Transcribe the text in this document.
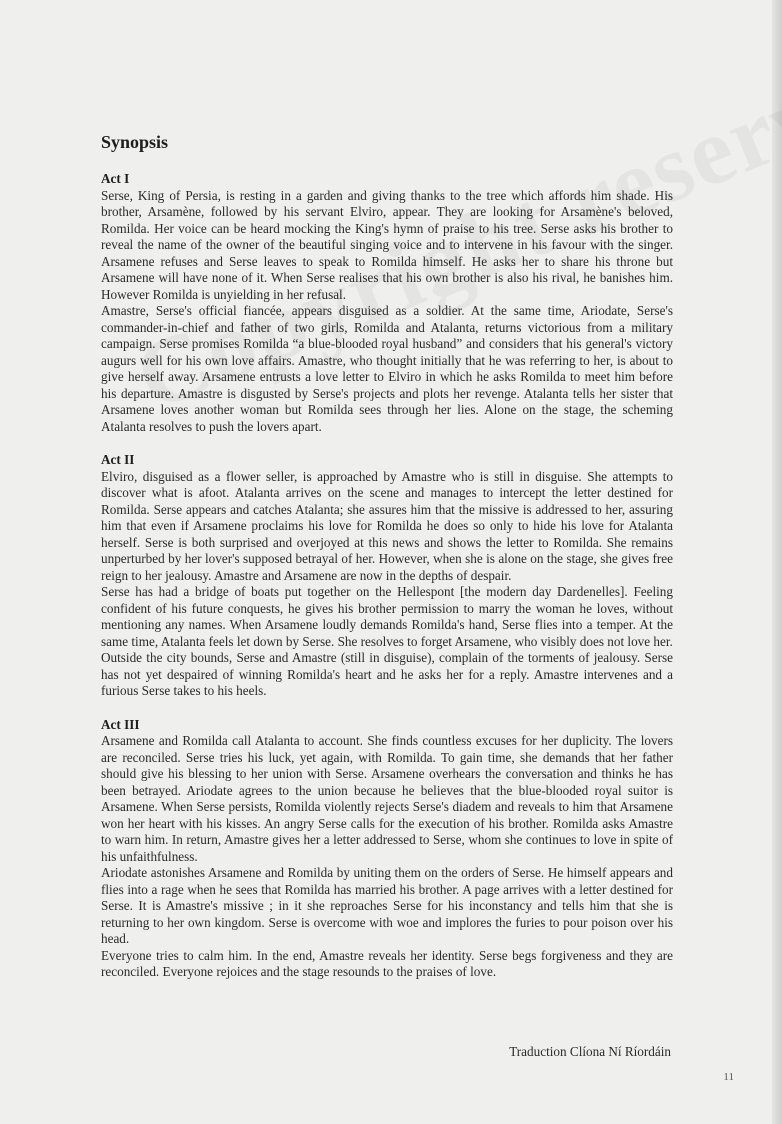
Synopsis
Act I

Serse, King of Persia, is resting in a garden and giving thanks to the tree which affords him shade. His brother, Arsamène, followed by his servant Elviro, appear. They are looking for Arsamène's beloved, Romilda. Her voice can be heard mocking the King's hymn of praise to his tree. Serse asks his brother to reveal the name of the owner of the beautiful singing voice and to intervene in his favour with the singer. Arsamene refuses and Serse leaves to speak to Romilda himself. He asks her to share his throne but Arsamene will have none of it. When Serse realises that his own brother is also his rival, he banishes him. However Romilda is unyielding in her refusal.

Amastre, Serse's official fiancée, appears disguised as a soldier. At the same time, Ariodate, Serse's commander-in-chief and father of two girls, Romilda and Atalanta, returns victorious from a military campaign. Serse promises Romilda “a blue-blooded royal husband” and considers that his general's victory augurs well for his own love affairs. Amastre, who thought initially that he was referring to her, is about to give herself away. Arsamene entrusts a love letter to Elviro in which he asks Romilda to meet him before his departure. Amastre is disgusted by Serse's projects and plots her revenge. Atalanta tells her sister that Arsamene loves another woman but Romilda sees through her lies. Alone on the stage, the scheming Atalanta resolves to push the lovers apart.

Act II

Elviro, disguised as a flower seller, is approached by Amastre who is still in disguise. She attempts to discover what is afoot. Atalanta arrives on the scene and manages to intercept the letter destined for Romilda. Serse appears and catches Atalanta; she assures him that the missive is addressed to her, assuring him that even if Arsamene proclaims his love for Romilda he does so only to hide his love for Atalanta herself. Serse is both surprised and overjoyed at this news and shows the letter to Romilda. She remains unperturbed by her lover's supposed betrayal of her. However, when she is alone on the stage, she gives free reign to her jealousy. Amastre and Arsamene are now in the depths of despair.

Serse has had a bridge of boats put together on the Hellespont [the modern day Dardenelles]. Feeling confident of his future conquests, he gives his brother permission to marry the woman he loves, without mentioning any names. When Arsamene loudly demands Romilda's hand, Serse flies into a temper. At the same time, Atalanta feels let down by Serse. She resolves to forget Arsamene, who visibly does not love her.

Outside the city bounds, Serse and Amastre (still in disguise), complain of the torments of jealousy. Serse has not yet despaired of winning Romilda's heart and he asks her for a reply. Amastre intervenes and a furious Serse takes to his heels.

Act III

Arsamene and Romilda call Atalanta to account. She finds countless excuses for her duplicity. The lovers are reconciled. Serse tries his luck, yet again, with Romilda. To gain time, she demands that her father should give his blessing to her union with Serse. Arsamene overhears the conversation and thinks he has been betrayed. Ariodate agrees to the union because he believes that the blue-blooded royal suitor is Arsamene. When Serse persists, Romilda violently rejects Serse's diadem and reveals to him that Arsamene won her heart with his kisses. An angry Serse calls for the execution of his brother. Romilda asks Amastre to warn him. In return, Amastre gives her a letter addressed to Serse, whom she continues to love in spite of his unfaithfulness.

Ariodate astonishes Arsamene and Romilda by uniting them on the orders of Serse. He himself appears and flies into a rage when he sees that Romilda has married his brother. A page arrives with a letter destined for Serse. It is Amastre's missive ; in it she reproaches Serse for his inconstancy and tells him that she is returning to her own kingdom. Serse is overcome with woe and implores the furies to pour poison over his head.

Everyone tries to calm him. In the end, Amastre reveals her identity. Serse begs forgiveness and they are reconciled. Everyone rejoices and the stage resounds to the praises of love.

Traduction Clíona Ní Ríordáin
11
